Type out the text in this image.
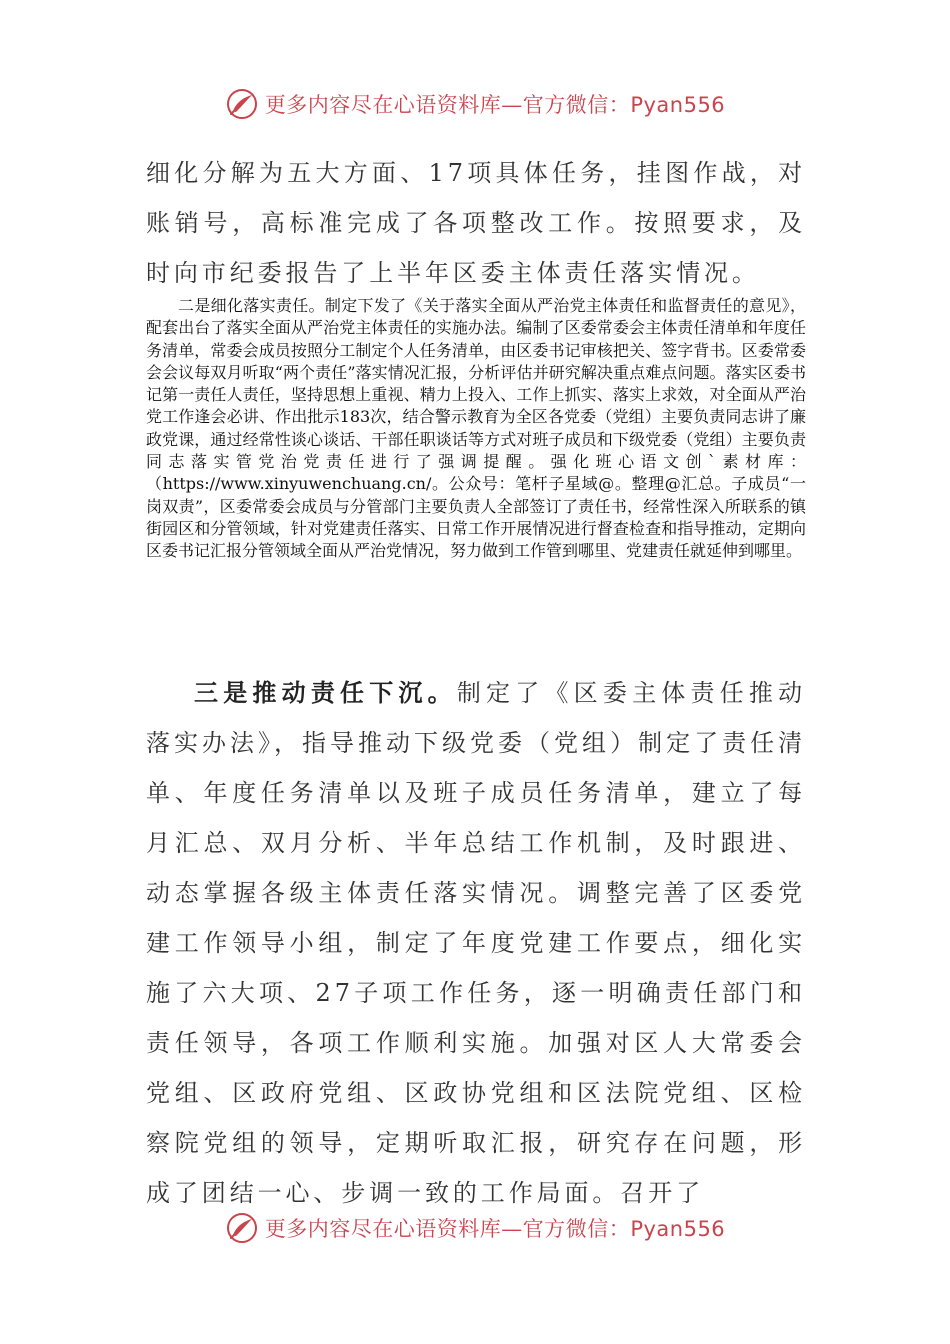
更多内容尽在心语资料库—官方微信：Pyan556

细化分解为五大方面、17项具体任务，挂图作战，对账销号，高标准完成了各项整改工作。按照要求，及时向市纪委报告了上半年区委主体责任落实情况。

二是细化落实责任。制定下发了《关于落实全面从严治党主体责任和监督责任的意见》，配套出台了落实全面从严治党主体责任的实施办法。编制了区委常委会主体责任清单和年度任务清单，常委会成员按照分工制定个人任务清单，由区委书记审核把关、签字背书。区委常委会会议每双月听取“两个责任”落实情况汇报，分析评估并研究解决重点难点问题。落实区委书记第一责任人责任，坚持思想上重视、精力上投入、工作上抓实、落实上求效，对全面从严治党工作逢会必讲、作出批示183次，结合警示教育为全区各党委（党组）主要负责同志讲了廉政党课，通过经常性谈心谈话、干部任职谈话等方式对班子成员和下级党委（党组）主要负责同志落实管党治党责任进行了强调提醒。强化班心语文创`素材库：（https://www.xinyuwenchuang.cn/。公众号：笔杆子星域@。整理@汇总。子成员“一岗双责”，区委常委会成员与分管部门主要负责人全部签订了责任书，经常性深入所联系的镇街园区和分管领域，针对党建责任落实、日常工作开展情况进行督查检查和指导推动，定期向区委书记汇报分管领域全面从严治党情况，努力做到工作管到哪里、党建责任就延伸到哪里。

三是推动责任下沉。制定了《区委主体责任推动落实办法》，指导推动下级党委（党组）制定了责任清单、年度任务清单以及班子成员任务清单，建立了每月汇总、双月分析、半年总结工作机制，及时跟进、动态掌握各级主体责任落实情况。调整完善了区委党建工作领导小组，制定了年度党建工作要点，细化实施了六大项、27子项工作任务，逐一明确责任部门和责任领导，各项工作顺利实施。加强对区人大常委会党组、区政府党组、区政协党组和区法院党组、区检察院党组的领导，定期听取汇报，研究存在问题，形成了团结一心、步调一致的工作局面。召开了

更多内容尽在心语资料库—官方微信：Pyan556
